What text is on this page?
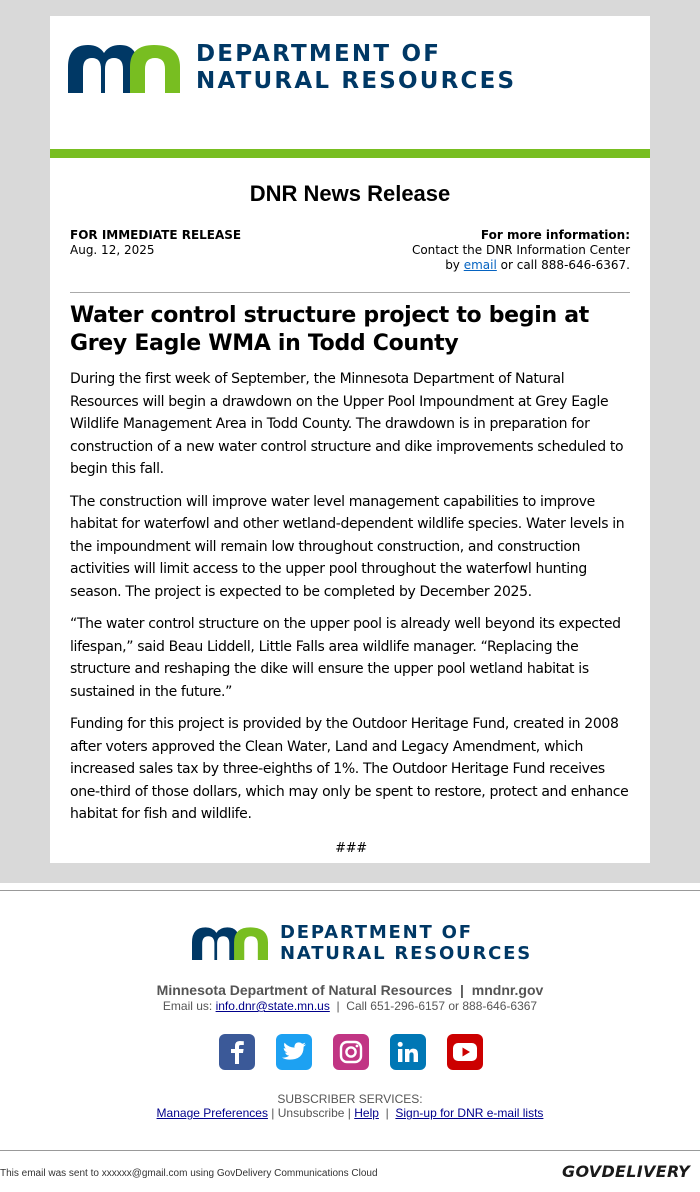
DNR News Release
FOR IMMEDIATE RELEASE
Aug. 12, 2025
For more information:
Contact the DNR Information Center
by email or call 888-646-6367.
Water control structure project to begin at Grey Eagle WMA in Todd County

During the first week of September, the Minnesota Department of Natural Resources will begin a drawdown on the Upper Pool Impoundment at Grey Eagle Wildlife Management Area in Todd County. The drawdown is in preparation for construction of a new water control structure and dike improvements scheduled to begin this fall.

The construction will improve water level management capabilities to improve habitat for waterfowl and other wetland-dependent wildlife species. Water levels in the impoundment will remain low throughout construction, and construction activities will limit access to the upper pool throughout the waterfowl hunting season. The project is expected to be completed by December 2025.

“The water control structure on the upper pool is already well beyond its expected lifespan,” said Beau Liddell, Little Falls area wildlife manager. “Replacing the structure and reshaping the dike will ensure the upper pool wetland habitat is sustained in the future.”

Funding for this project is provided by the Outdoor Heritage Fund, created in 2008 after voters approved the Clean Water, Land and Legacy Amendment, which increased sales tax by three-eighths of 1%. The Outdoor Heritage Fund receives one-third of those dollars, which may only be spent to restore, protect and enhance habitat for fish and wildlife.

###
DEPARTMENT OF
NATURAL RESOURCES
DEPARTMENT OF
NATURAL RESOURCES
Minnesota Department of Natural Resources  |  mndnr.gov
Email us: info.dnr@state.mn.us  |  Call 651-296-6157 or 888-646-6367
SUBSCRIBER SERVICES:
Manage Preferences | Unsubscribe | Help  |  Sign-up for DNR e-mail lists
This email was sent to xxxxxx@gmail.com using GovDelivery Communications Cloud	GOVDELIVERY
